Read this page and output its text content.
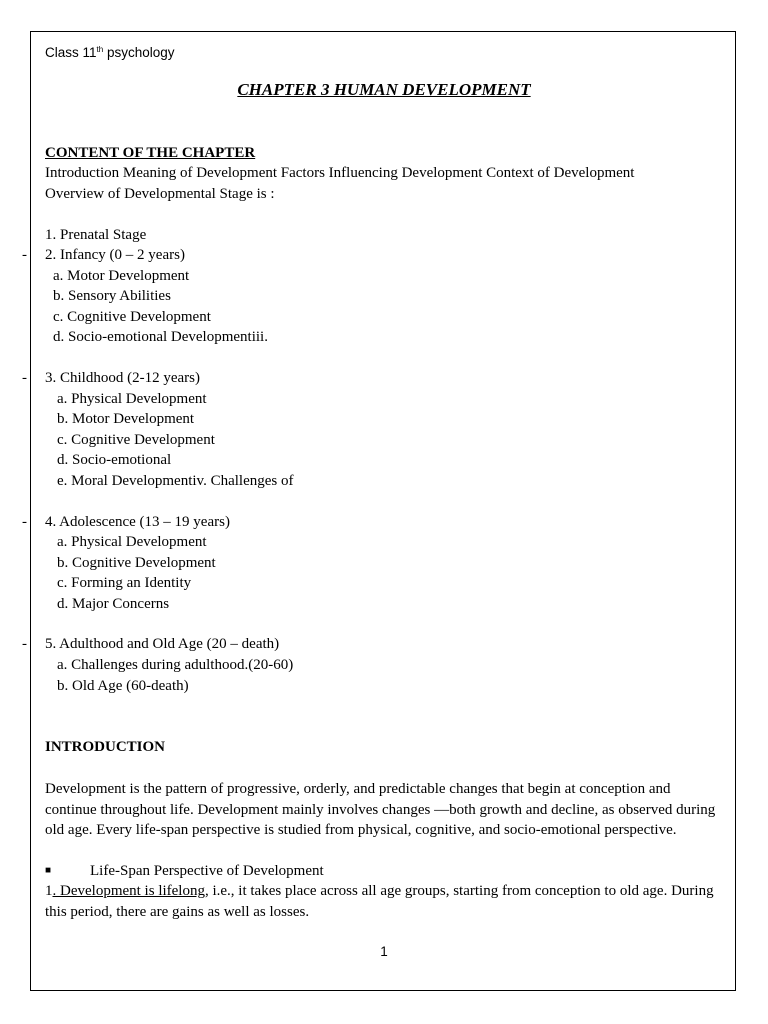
Class 11th psychology
CHAPTER 3 HUMAN DEVELOPMENT
CONTENT OF THE CHAPTER
Introduction Meaning of Development Factors Influencing Development Context of Development
Overview of Developmental Stage is :
1. Prenatal Stage
- 2. Infancy (0 – 2 years)
a. Motor Development
b. Sensory Abilities
c. Cognitive Development
d. Socio-emotional Developmentiii.
- 3. Childhood (2-12 years)
a. Physical Development
b. Motor Development
c. Cognitive Development
d. Socio-emotional
e. Moral Developmentiv. Challenges of
- 4. Adolescence (13 – 19 years)
a. Physical Development
b. Cognitive Development
c. Forming an Identity
d. Major Concerns
- 5. Adulthood and Old Age (20 – death)
a. Challenges during adulthood.(20-60)
b. Old Age (60-death)
INTRODUCTION
Development is the pattern of progressive, orderly, and predictable changes that begin at conception and continue throughout life. Development mainly involves changes —both growth and decline, as observed during old age. Every life-span perspective is studied from physical, cognitive, and socio-emotional perspective.
■	Life-Span Perspective of Development
1. Development is lifelong, i.e., it takes place across all age groups, starting from conception to old age. During this period, there are gains as well as losses.
1
